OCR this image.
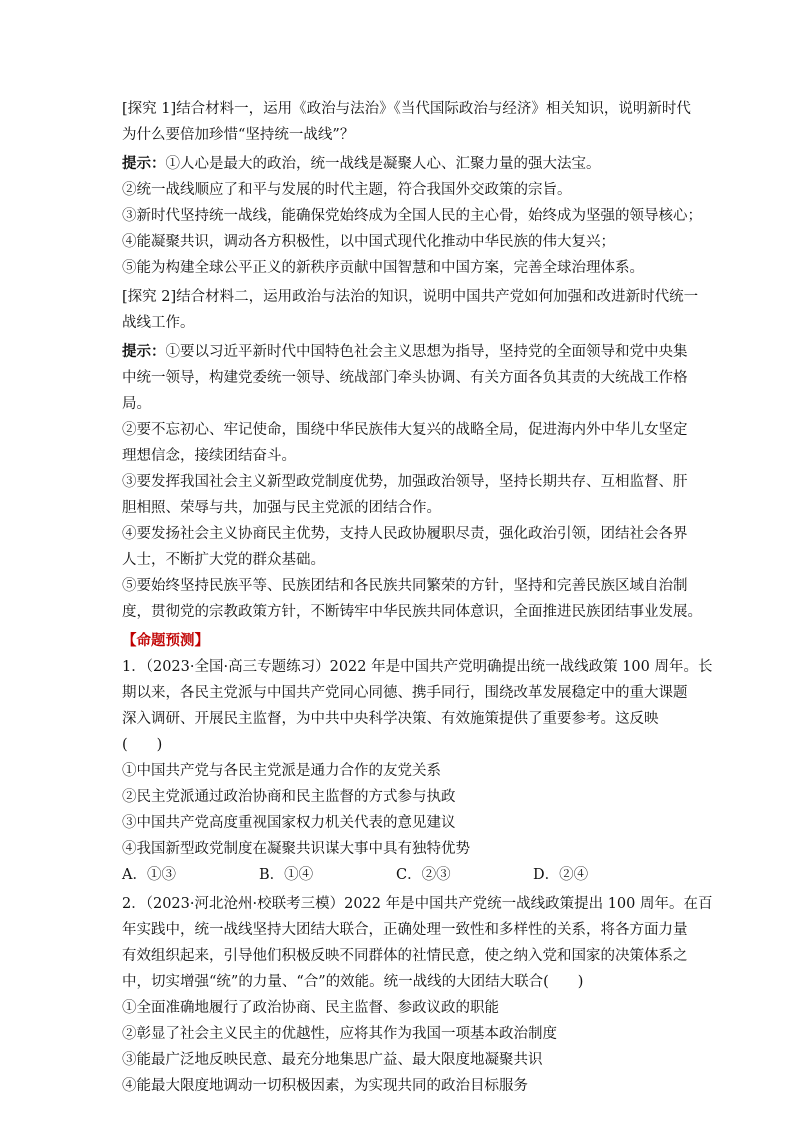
[探究 1]结合材料一，运用《政治与法治》《当代国际政治与经济》相关知识，说明新时代
为什么要倍加珍惜“坚持统一战线”？
提示：①人心是最大的政治，统一战线是凝聚人心、汇聚力量的强大法宝。
②统一战线顺应了和平与发展的时代主题，符合我国外交政策的宗旨。
③新时代坚持统一战线，能确保党始终成为全国人民的主心骨，始终成为坚强的领导核心；
④能凝聚共识，调动各方积极性，以中国式现代化推动中华民族的伟大复兴；
⑤能为构建全球公平正义的新秩序贡献中国智慧和中国方案，完善全球治理体系。
[探究 2]结合材料二，运用政治与法治的知识，说明中国共产党如何加强和改进新时代统一
战线工作。
提示：①要以习近平新时代中国特色社会主义思想为指导，坚持党的全面领导和党中央集
中统一领导，构建党委统一领导、统战部门牵头协调、有关方面各负其责的大统战工作格
局。
②要不忘初心、牢记使命，围绕中华民族伟大复兴的战略全局，促进海内外中华儿女坚定
理想信念，接续团结奋斗。
③要发挥我国社会主义新型政党制度优势，加强政治领导，坚持长期共存、互相监督、肝
胆相照、荣辱与共，加强与民主党派的团结合作。
④要发扬社会主义协商民主优势，支持人民政协履职尽责，强化政治引领，团结社会各界
人士，不断扩大党的群众基础。
⑤要始终坚持民族平等、民族团结和各民族共同繁荣的方针，坚持和完善民族区域自治制
度，贯彻党的宗教政策方针，不断铸牢中华民族共同体意识，全面推进民族团结事业发展。
【命题预测】
1．（2023·全国·高三专题练习）2022 年是中国共产党明确提出统一战线政策 100 周年。长
期以来，各民主党派与中国共产党同心同德、携手同行，围绕改革发展稳定中的重大课题
深入调研、开展民主监督，为中共中央科学决策、有效施策提供了重要参考。这反映
(　　)
①中国共产党与各民主党派是通力合作的友党关系
②民主党派通过政治协商和民主监督的方式参与执政
③中国共产党高度重视国家权力机关代表的意见建议
④我国新型政党制度在凝聚共识谋大事中具有独特优势
A．①③	B．①④	C．②③	D．②④
2．（2023·河北沧州·校联考三模）2022 年是中国共产党统一战线政策提出 100 周年。在百
年实践中，统一战线坚持大团结大联合，正确处理一致性和多样性的关系，将各方面力量
有效组织起来，引导他们积极反映不同群体的社情民意，使之纳入党和国家的决策体系之
中，切实增强“统”的力量、“合”的效能。统一战线的大团结大联合(　　)
①全面准确地履行了政治协商、民主监督、参政议政的职能
②彰显了社会主义民主的优越性，应将其作为我国一项基本政治制度
③能最广泛地反映民意、最充分地集思广益、最大限度地凝聚共识
④能最大限度地调动一切积极因素，为实现共同的政治目标服务
